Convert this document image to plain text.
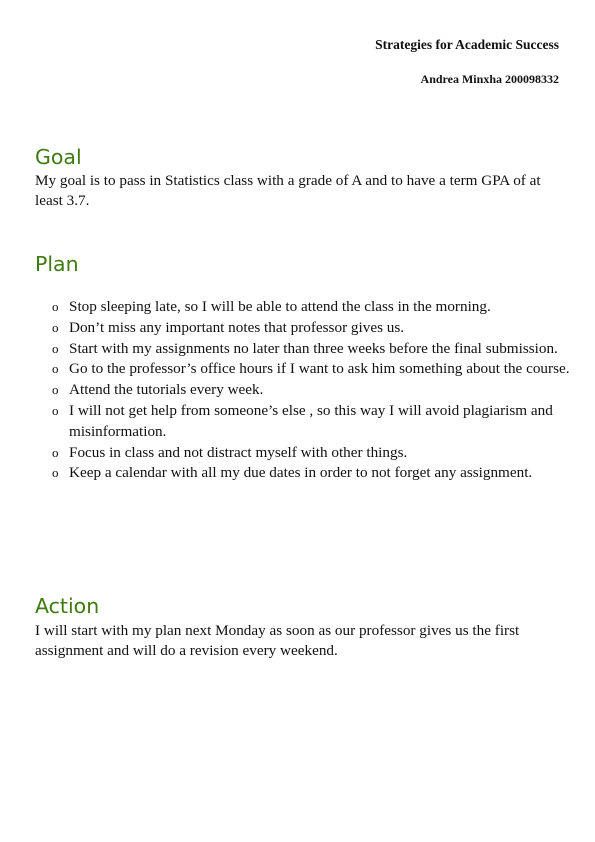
Strategies for Academic Success
Andrea Minxha 200098332
Goal
My goal is to pass in Statistics class with a grade of A and to have a term GPA of at least 3.7.
Plan
o Stop sleeping late, so I will be able to attend the class in the morning.
o Don’t miss any important notes that professor gives us.
o Start with my assignments no later than three weeks before the final submission.
o Go to the professor’s office hours if I want to ask him something about the course.
o Attend the tutorials every week.
o I will not get help from someone’s else , so this way I will avoid plagiarism and misinformation.
o Focus in class and not distract myself with other things.
o Keep a calendar with all my due dates in order to not forget any assignment.
Action
I will start with my plan next Monday as soon as our professor gives us the first assignment and will do a revision every weekend.
